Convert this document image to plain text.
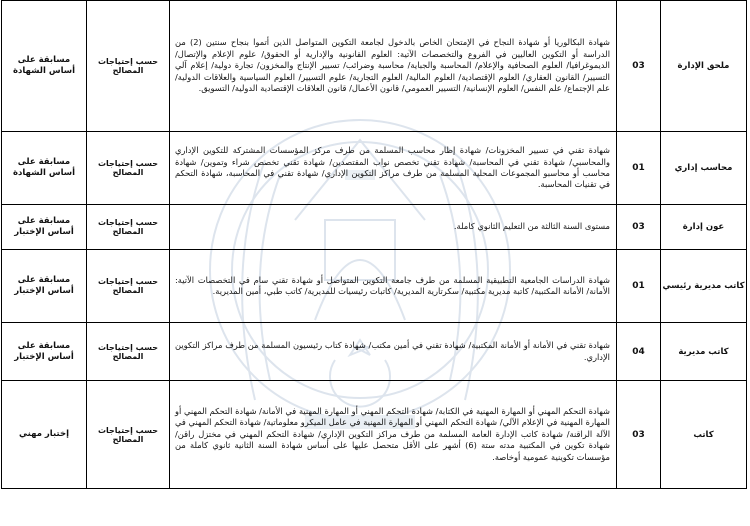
ملحق الإدارة	03	شهادة البكالوريا أو شهادة النجاح في الإمتحان الخاص بالدخول لجامعة التكوين المتواصل الذين أتموا بنجاح سنتين (2) من الدراسة أو التكوين العاليين في الفروع والتخصصات الآتية: العلوم القانونية والإدارية أو الحقوق/ علوم الإعلام والإتصال/ الديموغرافيا/ العلوم الصحافية والإعلام/ المحاسبة والجباية/ محاسبة وضرائب/ تسيير الإنتاج والمخزون/ تجارة دولية/ إعلام آلي التسيير/ القانون العقاري/ العلوم الإقتصادية/ العلوم المالية/ العلوم التجارية/ علوم التسيير/ العلوم السياسية والعلاقات الدولية/ علم الإجتماع/ علم النفس/ العلوم الإنسانية/ التسيير العمومي/ قانون الأعمال/ قانون العلاقات الإقتصادية الدولية/ التسويق.	حسب إحتياجات المصالح	مسابقة على أساس الشهادة
محاسب إداري	01	شهادة تقني في تسيير المخزونات/ شهادة إطار محاسب المسلمة من طرف مركز المؤسسات المشتركة للتكوين الإداري والمحاسبي/ شهادة تقني في المحاسبة/ شهادة تقني تخصص نواب المقتصدين/ شهادة تقني تخصص شراء وتموين/ شهادة محاسب أو محاسبو المجموعات المحلية المسلمة من طرف مراكز التكوين الإداري/ شهادة تقني في المحاسبة، شهادة التحكم في تقنيات المحاسبة.	حسب إحتياجات المصالح	مسابقة على أساس الشهادة
عون إدارة	03	مستوى السنة الثالثة من التعليم الثانوي كاملة.	حسب إحتياجات المصالح	مسابقة على أساس الإختبار
كاتب مديرية رئيسي	01	شهادة الدراسات الجامعية التطبيقية المسلمة من طرف جامعة التكوين المتواصل أو شهادة تقني سام في التخصصات الآتية: الأمانة/ الأمانة المكتبية/ كاتبة مديرية مكتبية/ سكرتارية المديرية/ كاتبات رئيسيات للمديرية/ كاتب طبي، أمين المديرية.	حسب إحتياجات المصالح	مسابقة على أساس الإختبار
كاتب مديرية	04	شهادة تقني في الأمانة أو الأمانة المكتبية/ شهادة تقني في أمين مكتب/ شهادة كتاب رئيسيون المسلمة من طرف مراكز التكوين الإداري.	حسب إحتياجات المصالح	مسابقة على أساس الإختبار
كاتب	03	شهادة التحكم المهني أو المهارة المهنية في الكتابة/ شهادة التحكم المهني أو المهارة المهنية في الأمانة/ شهادة التحكم المهني أو المهارة المهنية في الإعلام الآلي/ شهادة التحكم المهني أو المهارة المهنية في عامل الميكرو معلوماتية/ شهادة التحكم المهني في الآلة الراقنة/ شهادة كاتب الإدارة العامة المسلمة من طرف مراكز التكوين الإداري/ شهادة التحكم المهني في مختزل راقن/ شهادة تكوين في المكتبية مدته ستة (6) أشهر على الأقل متحصل عليها على أساس شهادة السنة الثانية ثانوي كاملة من مؤسسات تكوينية عمومية أوخاصة.	حسب إحتياجات المصالح	إختبار مهني
